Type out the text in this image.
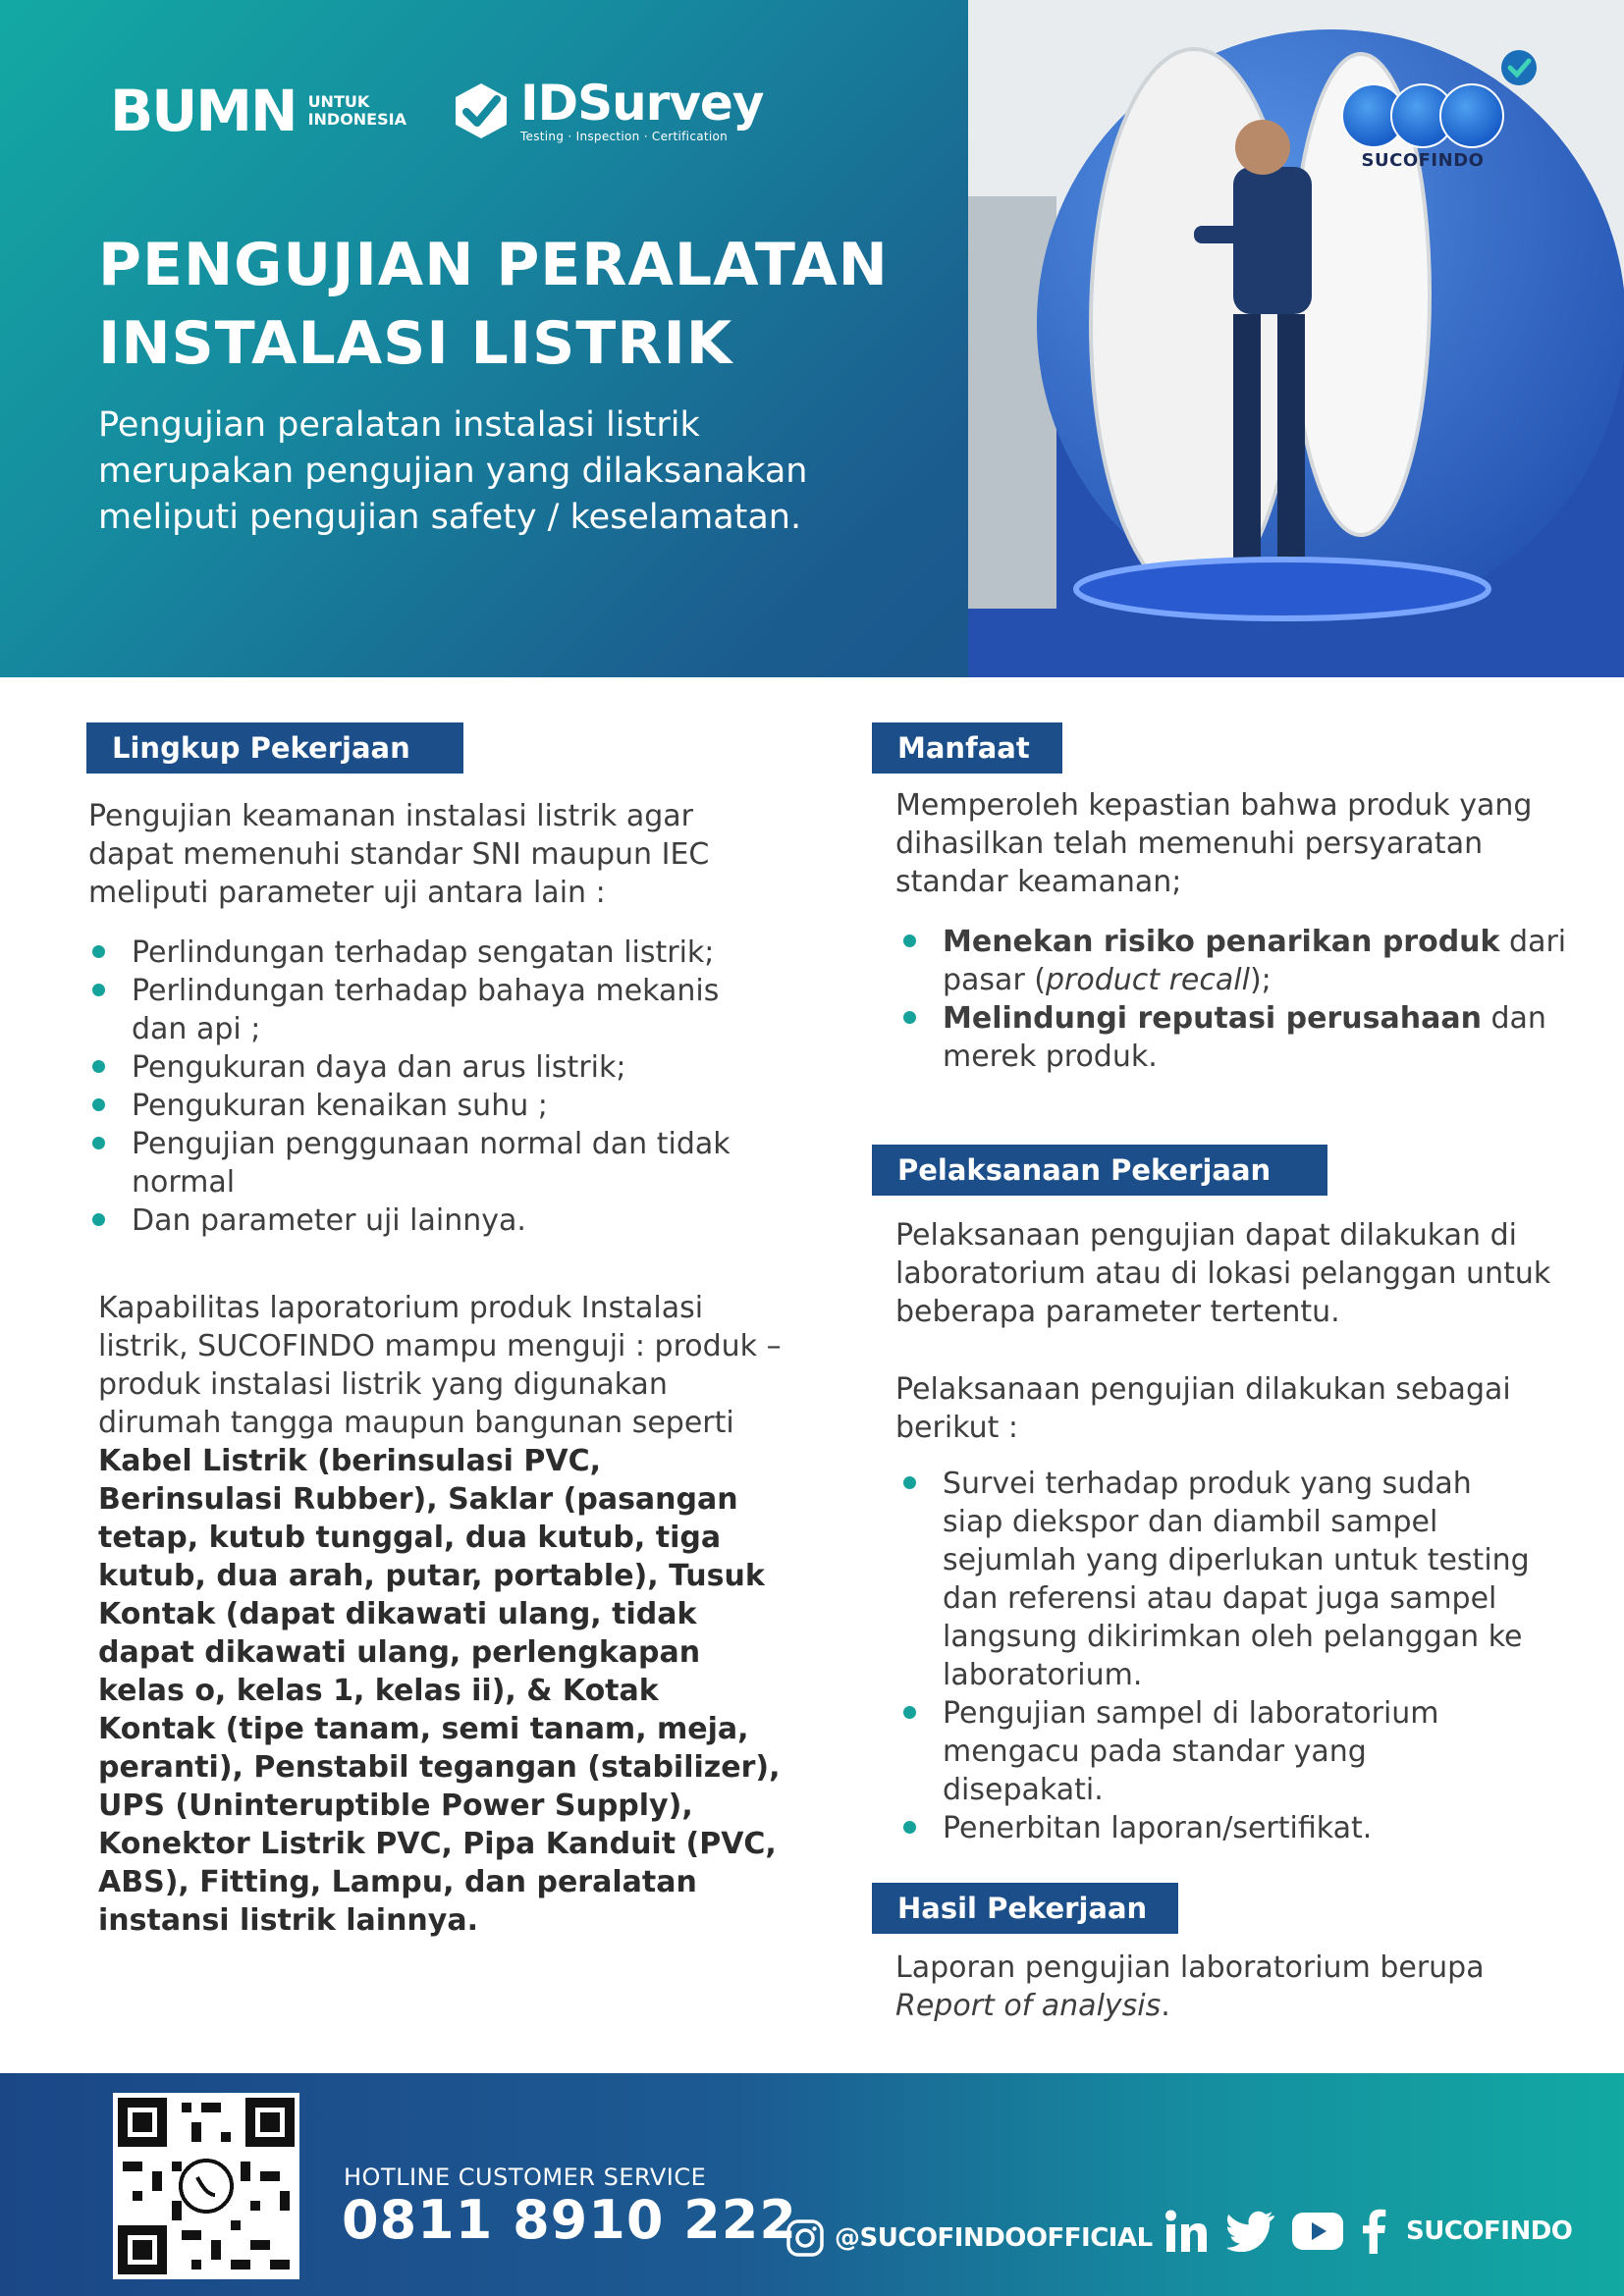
BUMN UNTUK
INDONESIA IDSurvey
Testing · Inspection · Certification
PENGUJIAN PERALATAN
INSTALASI LISTRIK

Pengujian peralatan instalasi listrik merupakan pengujian yang dilaksanakan meliputi pengujian safety / keselamatan.

SUCOFINDO
Lingkup Pekerjaan

Pengujian keamanan instalasi listrik agar dapat memenuhi standar SNI maupun IEC meliputi parameter uji antara lain :

Perlindungan terhadap sengatan listrik;
Perlindungan terhadap bahaya mekanis dan api ;
Pengukuran daya dan arus listrik;
Pengukuran kenaikan suhu ;
Pengujian penggunaan normal dan tidak normal
Dan parameter uji lainnya.

Kapabilitas laporatorium produk Instalasi listrik, SUCOFINDO mampu menguji : produk – produk instalasi listrik yang digunakan dirumah tangga maupun bangunan seperti Kabel Listrik (berinsulasi PVC, Berinsulasi Rubber), Saklar (pasangan tetap, kutub tunggal, dua kutub, tiga kutub, dua arah, putar, portable), Tusuk Kontak (dapat dikawati ulang, tidak dapat dikawati ulang, perlengkapan kelas o, kelas 1, kelas ii), & Kotak Kontak (tipe tanam, semi tanam, meja, peranti), Penstabil tegangan (stabilizer), UPS (Uninteruptible Power Supply), Konektor Listrik PVC, Pipa Kanduit (PVC, ABS), Fitting, Lampu, dan peralatan instansi listrik lainnya.

Manfaat

Memperoleh kepastian bahwa produk yang dihasilkan telah memenuhi persyaratan standar keamanan;

Menekan risiko penarikan produk dari pasar (product recall);
Melindungi reputasi perusahaan dan merek produk.
Pelaksanaan Pekerjaan

Pelaksanaan pengujian dapat dilakukan di laboratorium atau di lokasi pelanggan untuk beberapa parameter tertentu.

Pelaksanaan pengujian dilakukan sebagai berikut :

Survei terhadap produk yang sudah siap diekspor dan diambil sampel sejumlah yang diperlukan untuk testing dan referensi atau dapat juga sampel langsung dikirimkan oleh pelanggan ke laboratorium.
Pengujian sampel di laboratorium mengacu pada standar yang disepakati.
Penerbitan laporan/sertifikat.
Hasil Pekerjaan

Laporan pengujian laboratorium berupa Report of analysis.

HOTLINE CUSTOMER SERVICE
0811 8910 222 @SUCOFINDOOFFICIAL	SUCOFINDO
